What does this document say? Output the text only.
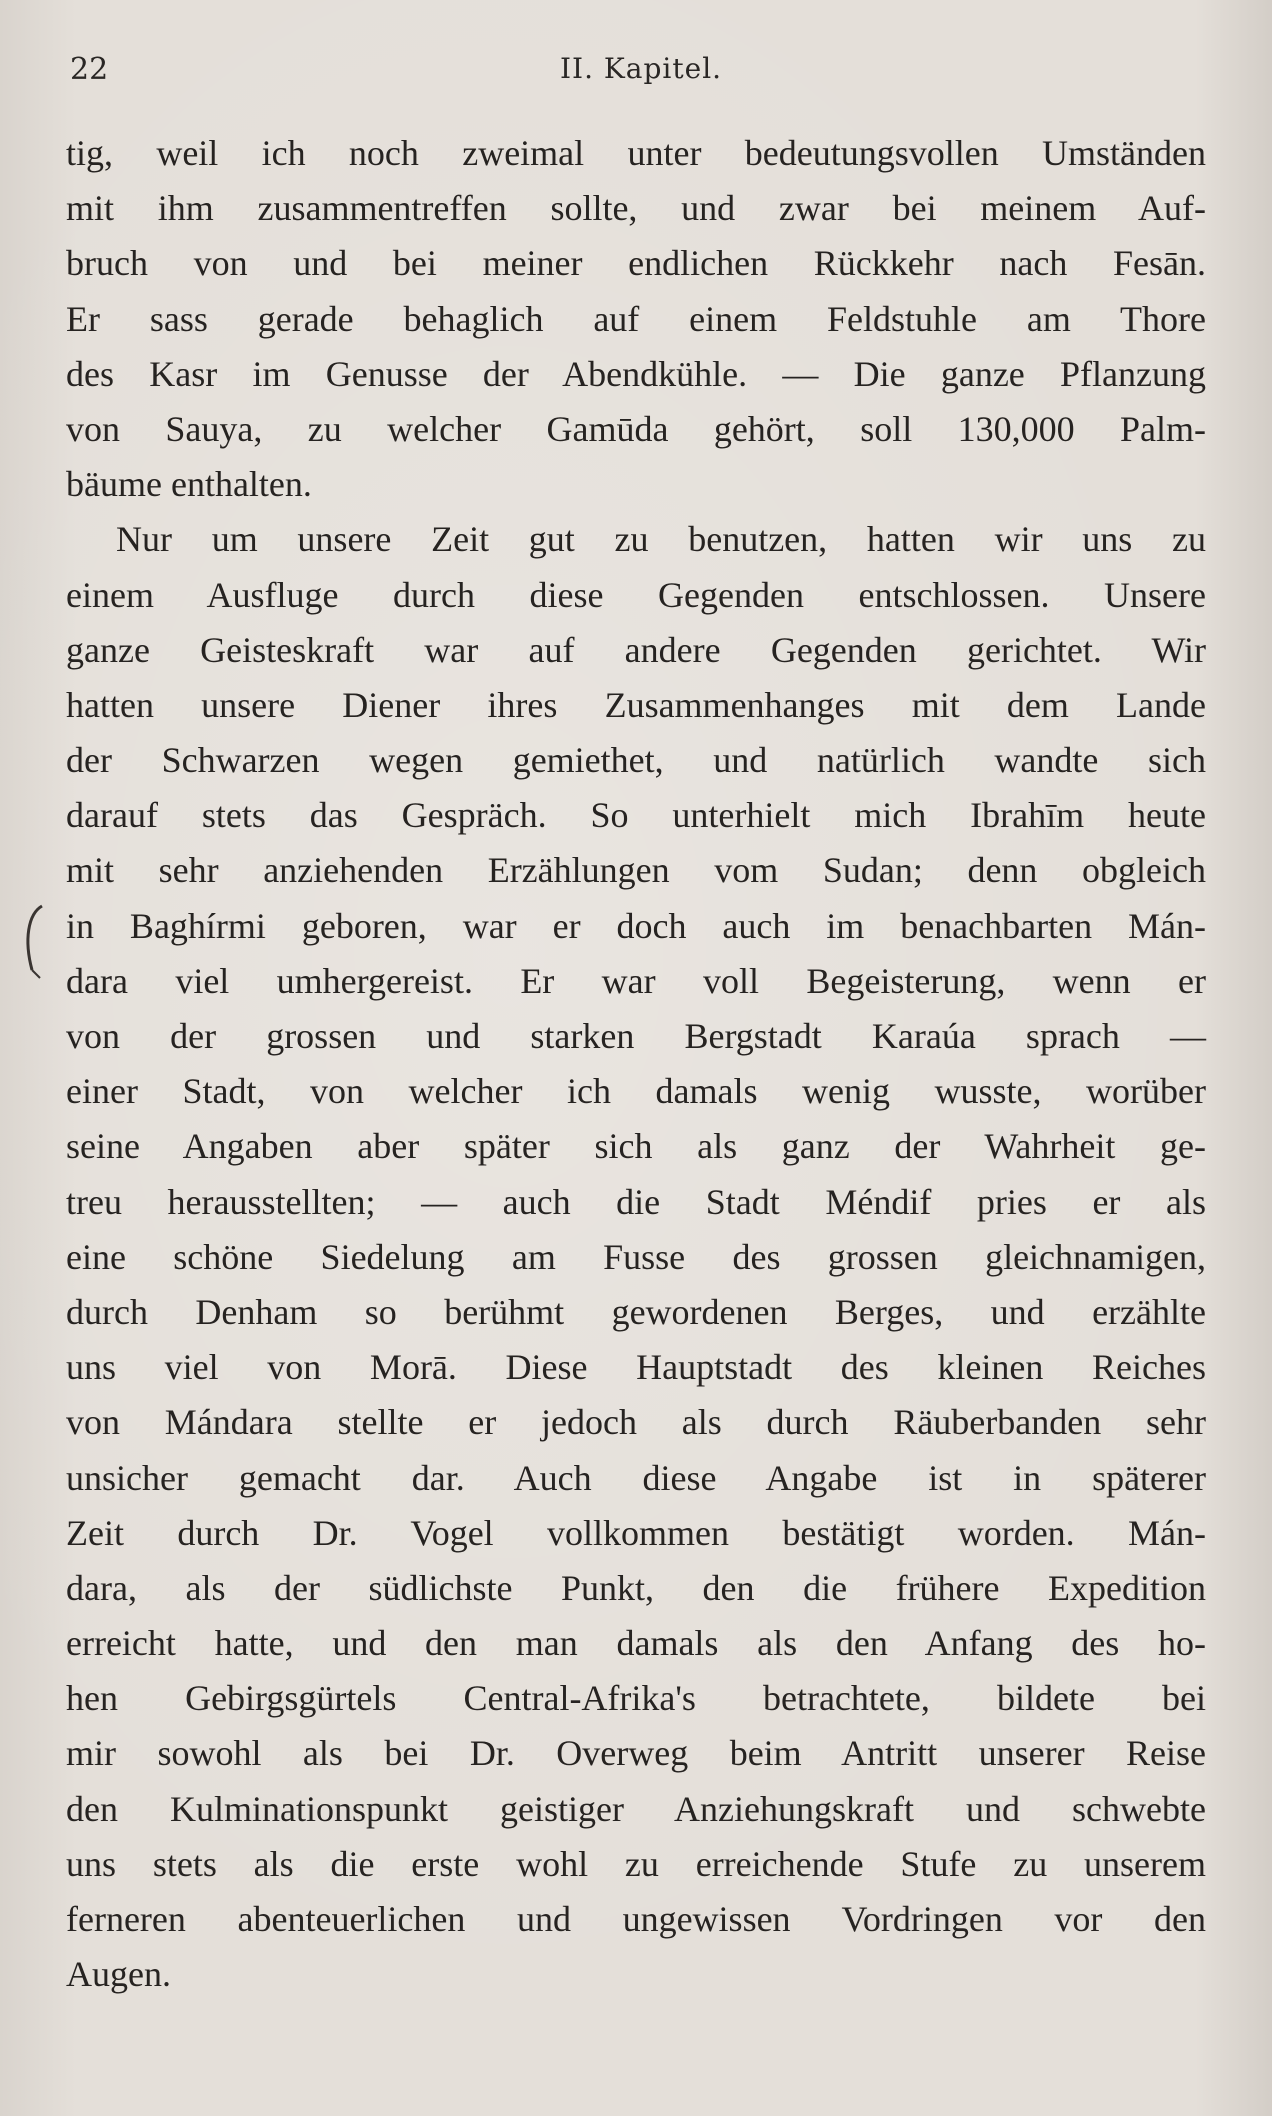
22	II. Kapitel.
tig, weil ich noch zweimal unter bedeutungsvollen Umständen
mit ihm zusammentreffen sollte, und zwar bei meinem Auf-
bruch von und bei meiner endlichen Rückkehr nach Fesān.
Er sass gerade behaglich auf einem Feldstuhle am Thore
des Kasr im Genusse der Abendkühle. — Die ganze Pflanzung
von Sauya, zu welcher Gamūda gehört, soll 130,000 Palm-
bäume enthalten.
Nur um unsere Zeit gut zu benutzen, hatten wir uns zu
einem Ausfluge durch diese Gegenden entschlossen. Unsere
ganze Geisteskraft war auf andere Gegenden gerichtet. Wir
hatten unsere Diener ihres Zusammenhanges mit dem Lande
der Schwarzen wegen gemiethet, und natürlich wandte sich
darauf stets das Gespräch. So unterhielt mich Ibrahīm heute
mit sehr anziehenden Erzählungen vom Sudan; denn obgleich
in Baghírmi geboren, war er doch auch im benachbarten Mán-
dara viel umhergereist. Er war voll Begeisterung, wenn er
von der grossen und starken Bergstadt Karaúa sprach —
einer Stadt, von welcher ich damals wenig wusste, worüber
seine Angaben aber später sich als ganz der Wahrheit ge-
treu herausstellten; — auch die Stadt Méndif pries er als
eine schöne Siedelung am Fusse des grossen gleichnamigen,
durch Denham so berühmt gewordenen Berges, und erzählte
uns viel von Morā. Diese Hauptstadt des kleinen Reiches
von Mándara stellte er jedoch als durch Räuberbanden sehr
unsicher gemacht dar. Auch diese Angabe ist in späterer
Zeit durch Dr. Vogel vollkommen bestätigt worden. Mán-
dara, als der südlichste Punkt, den die frühere Expedition
erreicht hatte, und den man damals als den Anfang des ho-
hen Gebirgsgürtels Central-Afrika's betrachtete, bildete bei
mir sowohl als bei Dr. Overweg beim Antritt unserer Reise
den Kulminationspunkt geistiger Anziehungskraft und schwebte
uns stets als die erste wohl zu erreichende Stufe zu unserem
ferneren abenteuerlichen und ungewissen Vordringen vor den
Augen.
